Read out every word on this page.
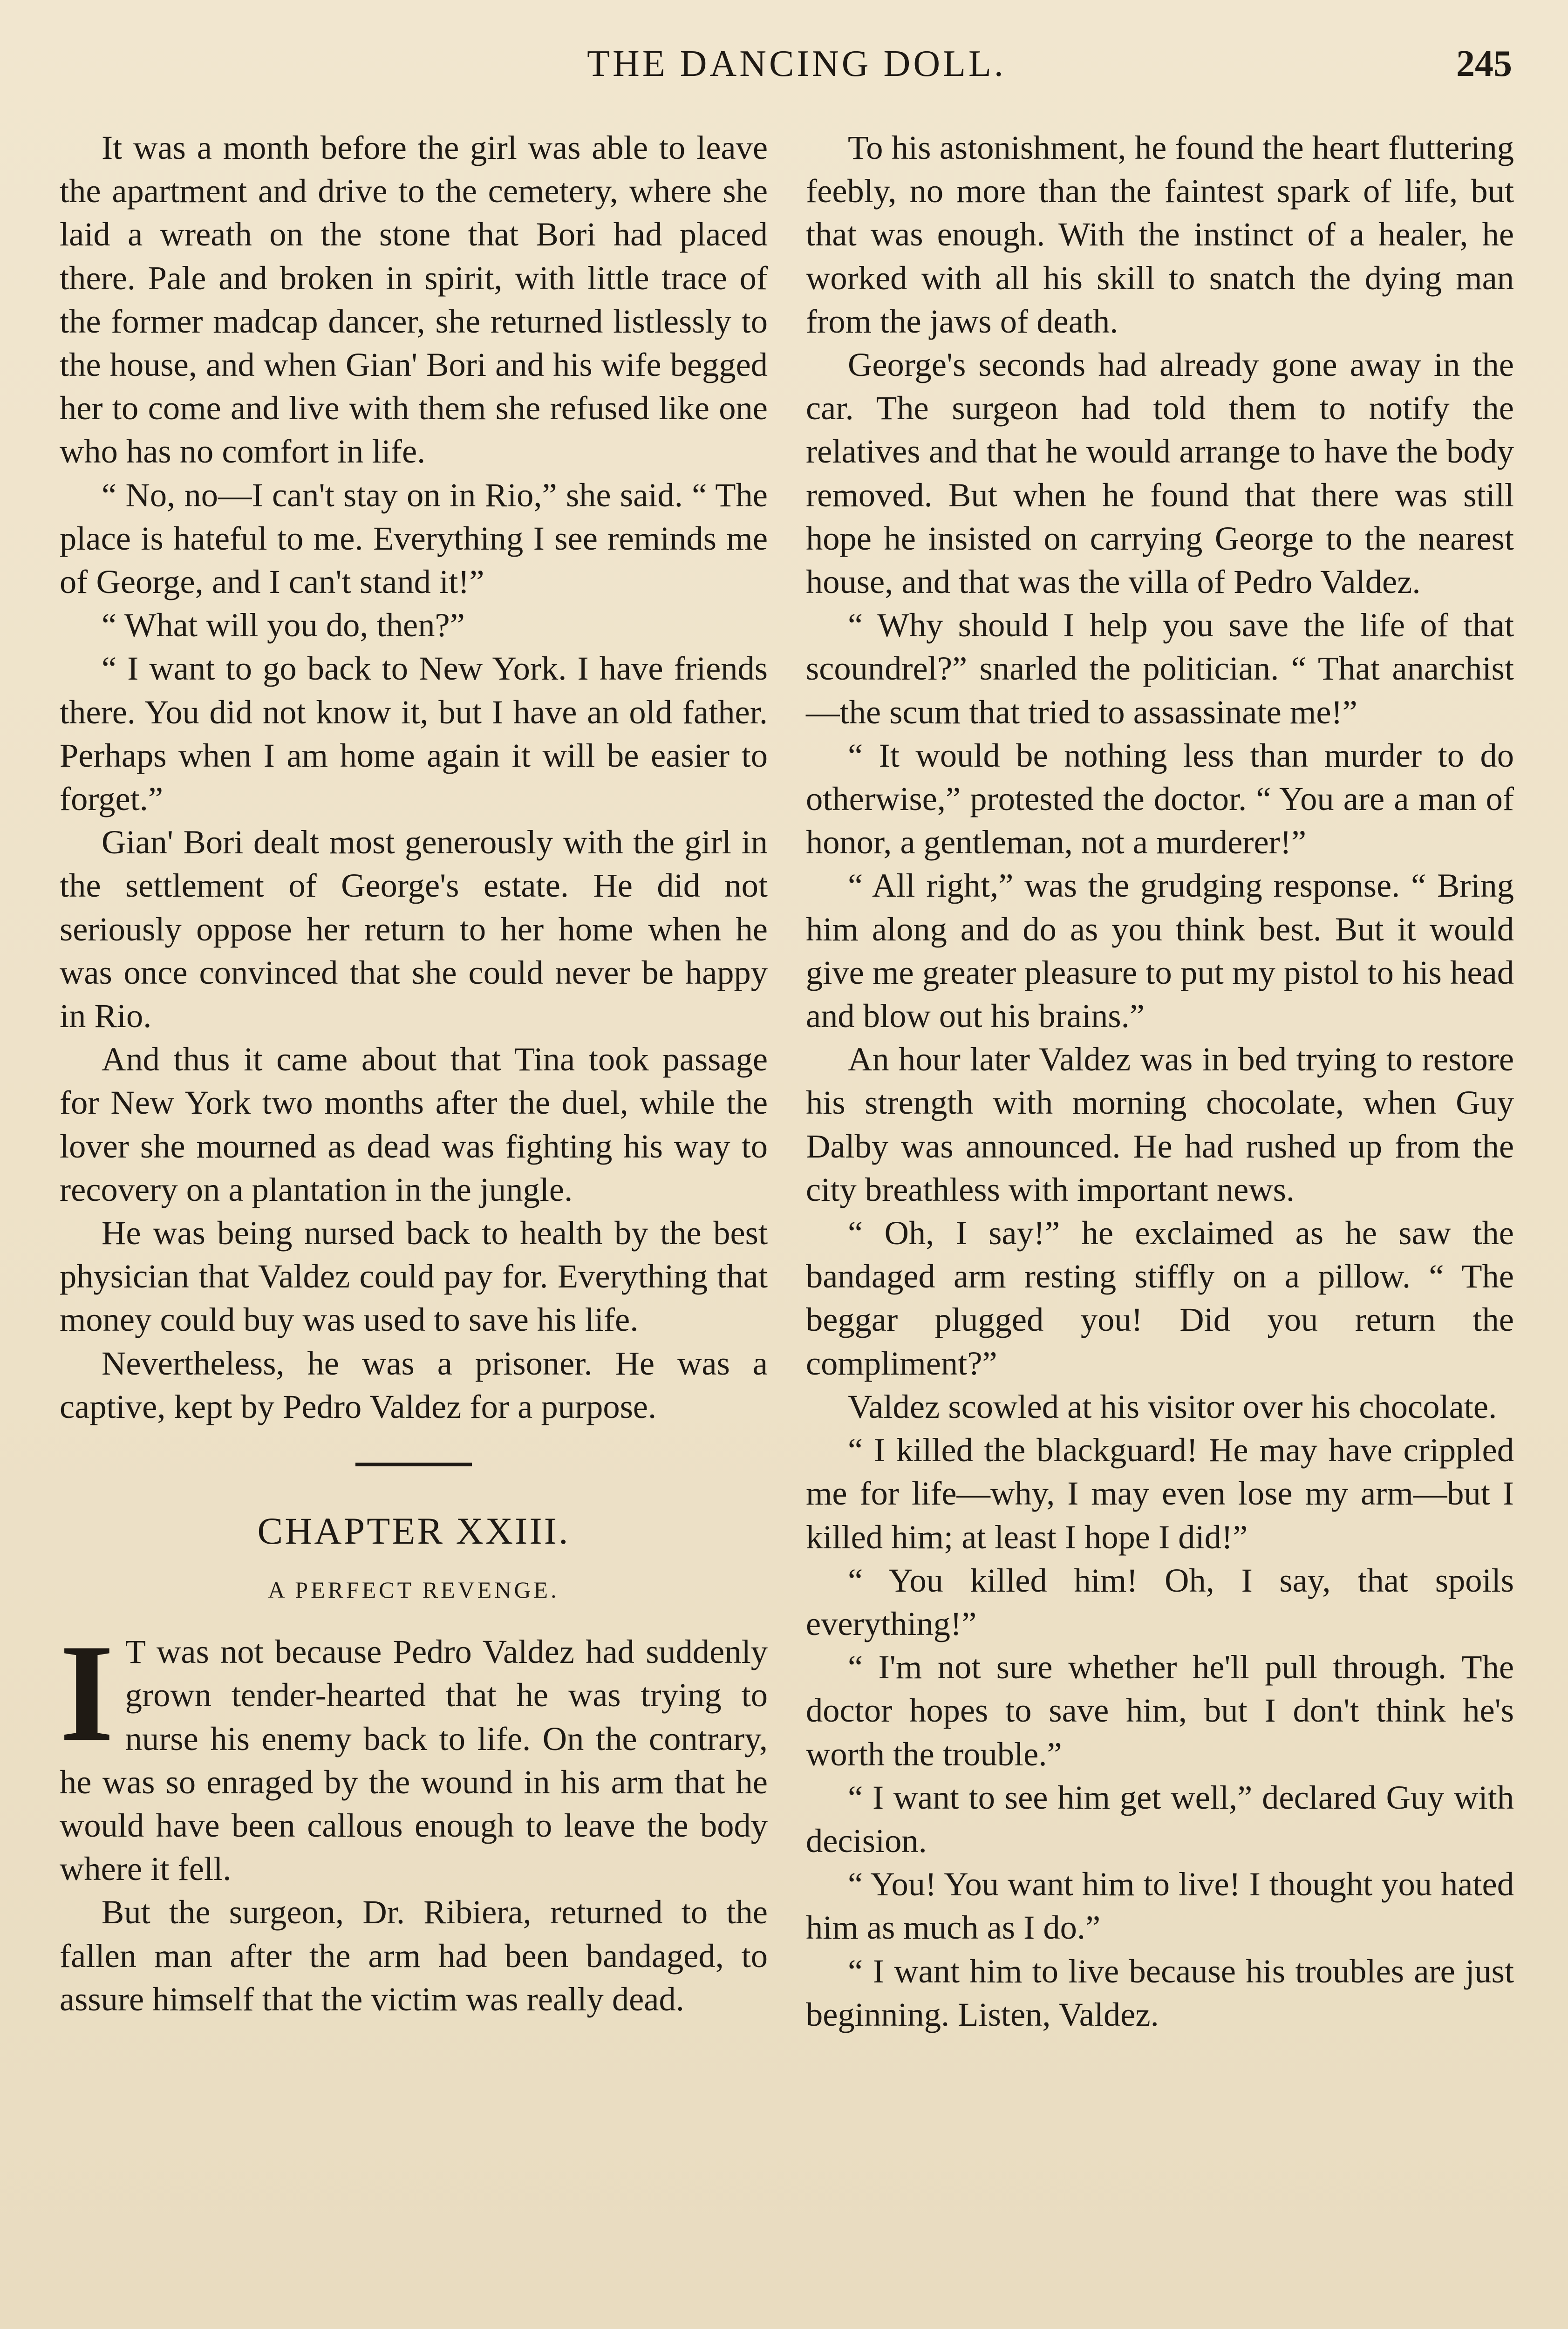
THE DANCING DOLL.	245

It was a month before the girl was able to leave the apartment and drive to the cemetery, where she laid a wreath on the stone that Bori had placed there. Pale and broken in spirit, with little trace of the former madcap dancer, she returned listlessly to the house, and when Gian' Bori and his wife begged her to come and live with them she refused like one who has no comfort in life.

“ No, no—I can't stay on in Rio,” she said. “ The place is hateful to me. Everything I see reminds me of George, and I can't stand it!”

“ What will you do, then?”

“ I want to go back to New York. I have friends there. You did not know it, but I have an old father. Perhaps when I am home again it will be easier to forget.”

Gian' Bori dealt most generously with the girl in the settlement of George's estate. He did not seriously oppose her return to her home when he was once convinced that she could never be happy in Rio.

And thus it came about that Tina took passage for New York two months after the duel, while the lover she mourned as dead was fighting his way to recovery on a plantation in the jungle.

He was being nursed back to health by the best physician that Valdez could pay for. Everything that money could buy was used to save his life.

Nevertheless, he was a prisoner. He was a captive, kept by Pedro Valdez for a purpose.

CHAPTER XXIII.
A PERFECT REVENGE.

I T was not because Pedro Valdez had suddenly grown tender-hearted that he was trying to nurse his enemy back to life. On the contrary, he was so enraged by the wound in his arm that he would have been callous enough to leave the body where it fell.

But the surgeon, Dr. Ribiera, returned to the fallen man after the arm had been bandaged, to assure himself that the victim was really dead.

To his astonishment, he found the heart fluttering feebly, no more than the faintest spark of life, but that was enough. With the instinct of a healer, he worked with all his skill to snatch the dying man from the jaws of death.

George's seconds had already gone away in the car. The surgeon had told them to notify the relatives and that he would arrange to have the body removed. But when he found that there was still hope he insisted on carrying George to the nearest house, and that was the villa of Pedro Valdez.

“ Why should I help you save the life of that scoundrel?” snarled the politician. “ That anarchist—the scum that tried to assassinate me!”

“ It would be nothing less than murder to do otherwise,” protested the doctor. “ You are a man of honor, a gentleman, not a murderer!”

“ All right,” was the grudging response. “ Bring him along and do as you think best. But it would give me greater pleasure to put my pistol to his head and blow out his brains.”

An hour later Valdez was in bed trying to restore his strength with morning chocolate, when Guy Dalby was announced. He had rushed up from the city breathless with important news.

“ Oh, I say!” he exclaimed as he saw the bandaged arm resting stiffly on a pillow. “ The beggar plugged you! Did you return the compliment?”

Valdez scowled at his visitor over his chocolate.

“ I killed the blackguard! He may have crippled me for life—why, I may even lose my arm—but I killed him; at least I hope I did!”

“ You killed him! Oh, I say, that spoils everything!”

“ I'm not sure whether he'll pull through. The doctor hopes to save him, but I don't think he's worth the trouble.”

“ I want to see him get well,” declared Guy with decision.

“ You! You want him to live! I thought you hated him as much as I do.”

“ I want him to live because his troubles are just beginning. Listen, Valdez.
